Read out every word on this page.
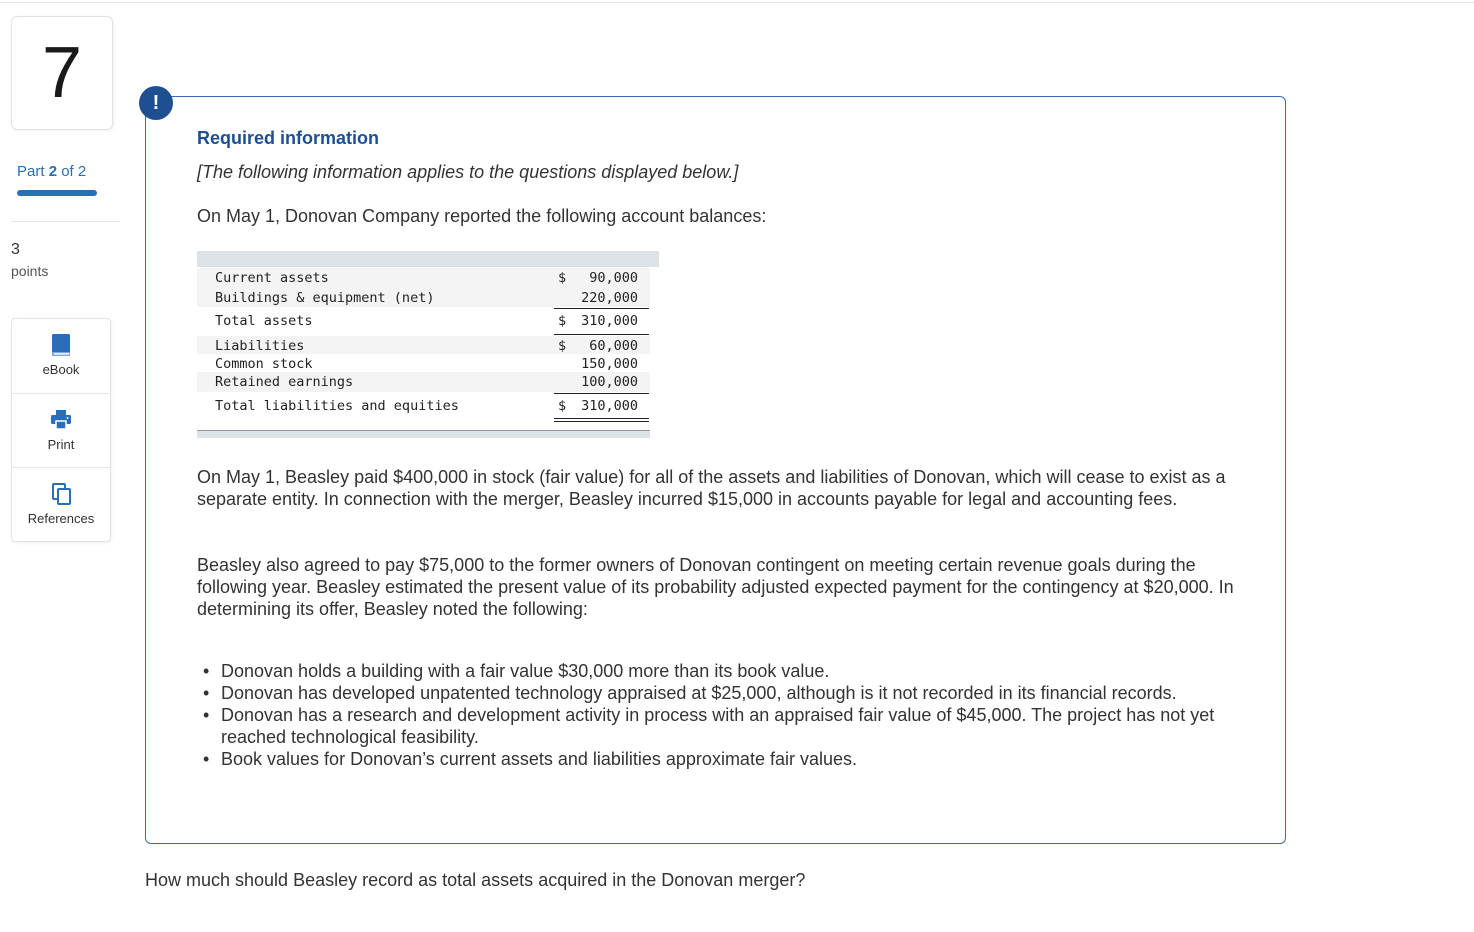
7
Part 2 of 2
3
points
eBook
Print
References
!
Required information
[The following information applies to the questions displayed below.]
On May 1, Donovan Company reported the following account balances:
Current assets	$ 90,000
Buildings & equipment (net)	220,000
Total assets	$ 310,000
Liabilities	$ 60,000
Common stock	150,000
Retained earnings	100,000
Total liabilities and equities	$ 310,000
On May 1, Beasley paid $400,000 in stock (fair value) for all of the assets and liabilities of Donovan, which will cease to exist as a separate entity. In connection with the merger, Beasley incurred $15,000 in accounts payable for legal and accounting fees.
Beasley also agreed to pay $75,000 to the former owners of Donovan contingent on meeting certain revenue goals during the following year. Beasley estimated the present value of its probability adjusted expected payment for the contingency at $20,000. In determining its offer, Beasley noted the following:
• Donovan holds a building with a fair value $30,000 more than its book value.
• Donovan has developed unpatented technology appraised at $25,000, although is it not recorded in its financial records.
• Donovan has a research and development activity in process with an appraised fair value of $45,000. The project has not yet reached technological feasibility.
• Book values for Donovan’s current assets and liabilities approximate fair values.
How much should Beasley record as total assets acquired in the Donovan merger?
